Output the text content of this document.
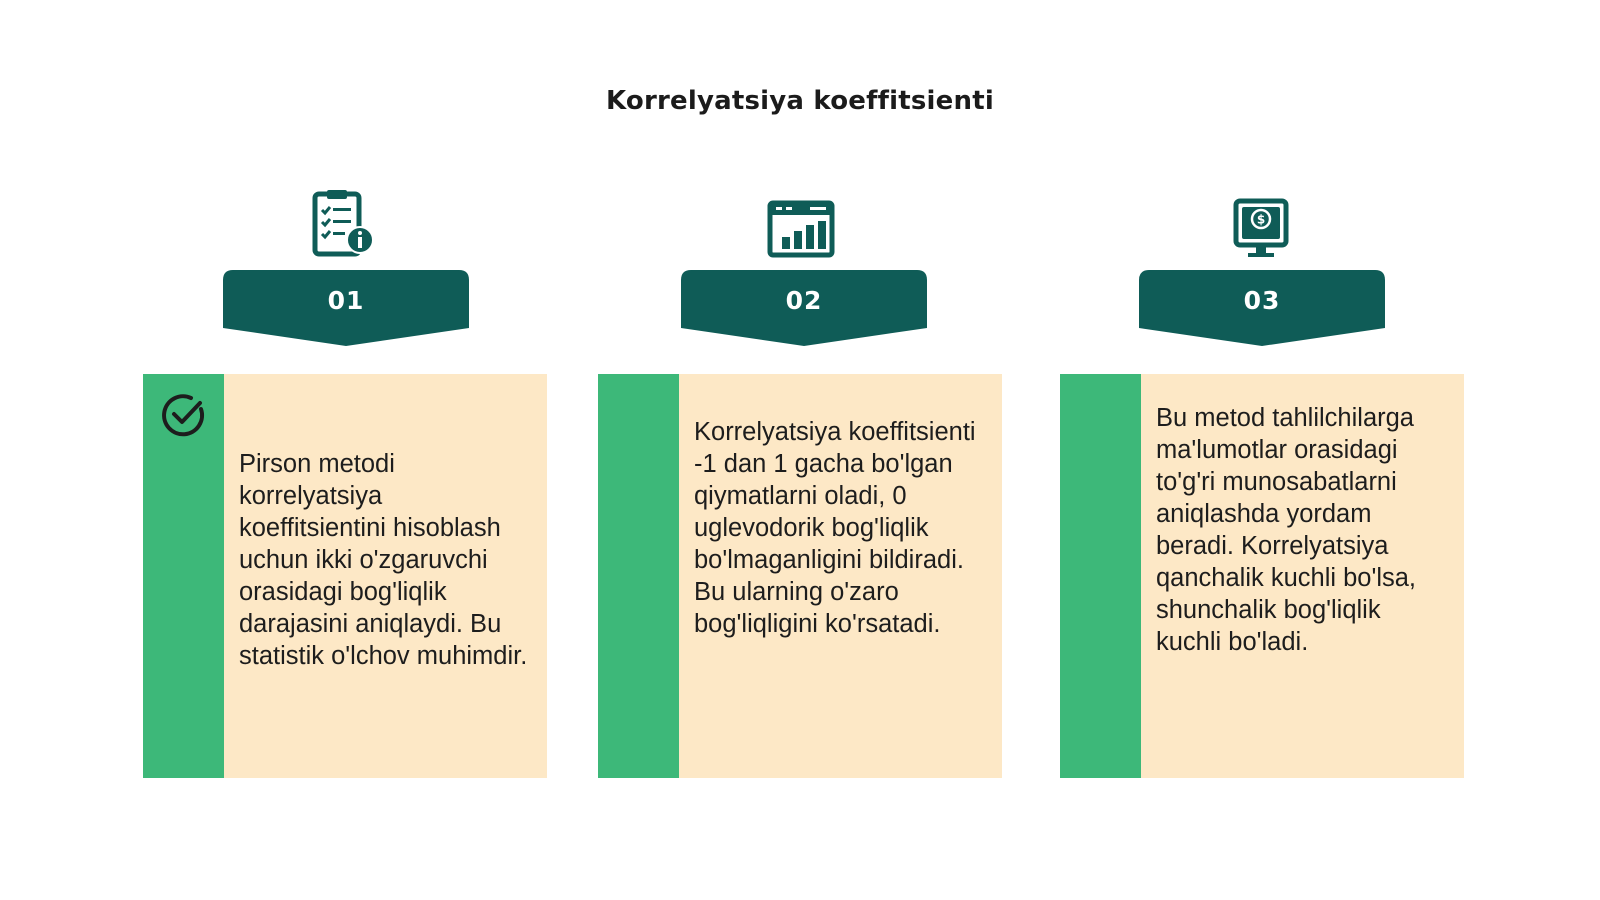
Korrelyatsiya koeffitsienti
01
Pirson metodi korrelyatsiya koeffitsientini hisoblash uchun ikki o'zgaruvchi orasidagi bog'liqlik darajasini aniqlaydi. Bu statistik o'lchov muhimdir.
02
Korrelyatsiya koeffitsienti -1 dan 1 gacha bo'lgan qiymatlarni oladi, 0 uglevodorik bog'liqlik bo'lmaganligini bildiradi. Bu ularning o'zaro bog'liqligini ko'rsatadi.
$
03
Bu metod tahlilchilarga ma'lumotlar orasidagi to'g'ri munosabatlarni aniqlashda yordam beradi. Korrelyatsiya qanchalik kuchli bo'lsa, shunchalik bog'liqlik kuchli bo'ladi.
